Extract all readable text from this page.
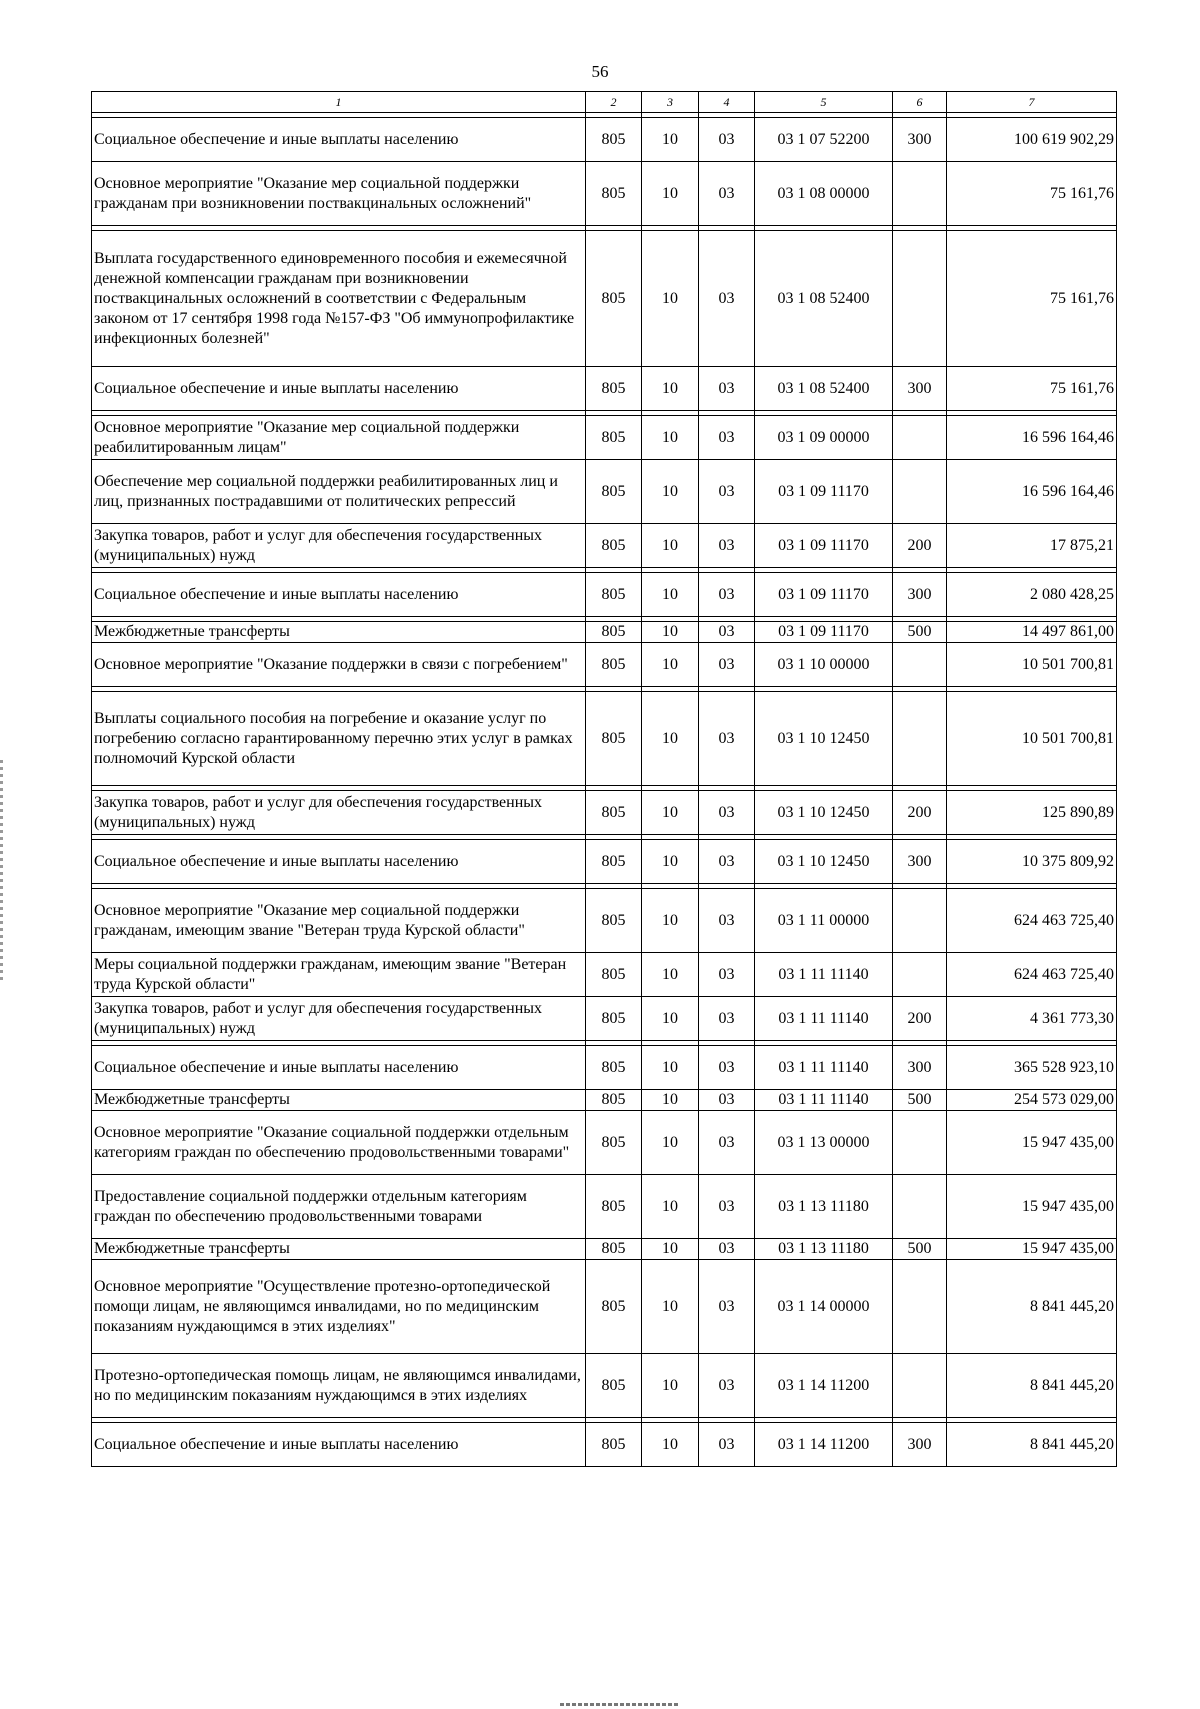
56
1	2	3	4	5	6	7

Социальное обеспечение и иные выплаты населению	805	10	03	03 1 07 52200	300	100 619 902,29
Основное мероприятие "Оказание мер социальной поддержки гражданам при возникновении поствакцинальных осложнений"	805	10	03	03 1 08 00000		75 161,76

Выплата государственного единовременного пособия и ежемесячной денежной компенсации гражданам при возникновении поствакцинальных осложнений в соответствии с Федеральным законом от 17 сентября 1998 года №157-ФЗ "Об иммунопрофилактике инфекционных болезней"	805	10	03	03 1 08 52400		75 161,76
Социальное обеспечение и иные выплаты населению	805	10	03	03 1 08 52400	300	75 161,76

Основное мероприятие "Оказание мер социальной поддержки реабилитированным лицам"	805	10	03	03 1 09 00000		16 596 164,46
Обеспечение мер социальной поддержки реабилитированных лиц и лиц, признанных пострадавшими от политических репрессий	805	10	03	03 1 09 11170		16 596 164,46
Закупка товаров, работ и услуг для обеспечения государственных (муниципальных) нужд	805	10	03	03 1 09 11170	200	17 875,21

Социальное обеспечение и иные выплаты населению	805	10	03	03 1 09 11170	300	2 080 428,25

Межбюджетные трансферты	805	10	03	03 1 09 11170	500	14 497 861,00
Основное мероприятие "Оказание поддержки в связи с погребением"	805	10	03	03 1 10 00000		10 501 700,81

Выплаты социального пособия на погребение и оказание услуг по погребению согласно гарантированному перечню этих услуг в рамках полномочий Курской области	805	10	03	03 1 10 12450		10 501 700,81

Закупка товаров, работ и услуг для обеспечения государственных (муниципальных) нужд	805	10	03	03 1 10 12450	200	125 890,89

Социальное обеспечение и иные выплаты населению	805	10	03	03 1 10 12450	300	10 375 809,92

Основное мероприятие "Оказание мер социальной поддержки гражданам, имеющим звание "Ветеран труда Курской области"	805	10	03	03 1 11 00000		624 463 725,40
Меры социальной поддержки гражданам, имеющим звание "Ветеран труда Курской области"	805	10	03	03 1 11 11140		624 463 725,40
Закупка товаров, работ и услуг для обеспечения государственных (муниципальных) нужд	805	10	03	03 1 11 11140	200	4 361 773,30

Социальное обеспечение и иные выплаты населению	805	10	03	03 1 11 11140	300	365 528 923,10
Межбюджетные трансферты	805	10	03	03 1 11 11140	500	254 573 029,00
Основное мероприятие "Оказание социальной поддержки отдельным категориям граждан по обеспечению продовольственными товарами"	805	10	03	03 1 13 00000		15 947 435,00
Предоставление социальной поддержки отдельным категориям граждан по обеспечению продовольственными товарами	805	10	03	03 1 13 11180		15 947 435,00
Межбюджетные трансферты	805	10	03	03 1 13 11180	500	15 947 435,00
Основное мероприятие "Осуществление протезно-ортопедической помощи лицам, не являющимся инвалидами, но по медицинским показаниям нуждающимся в этих изделиях"	805	10	03	03 1 14 00000		8 841 445,20
Протезно-ортопедическая помощь лицам, не являющимся инвалидами, но по медицинским показаниям нуждающимся в этих изделиях	805	10	03	03 1 14 11200		8 841 445,20

Социальное обеспечение и иные выплаты населению	805	10	03	03 1 14 11200	300	8 841 445,20
